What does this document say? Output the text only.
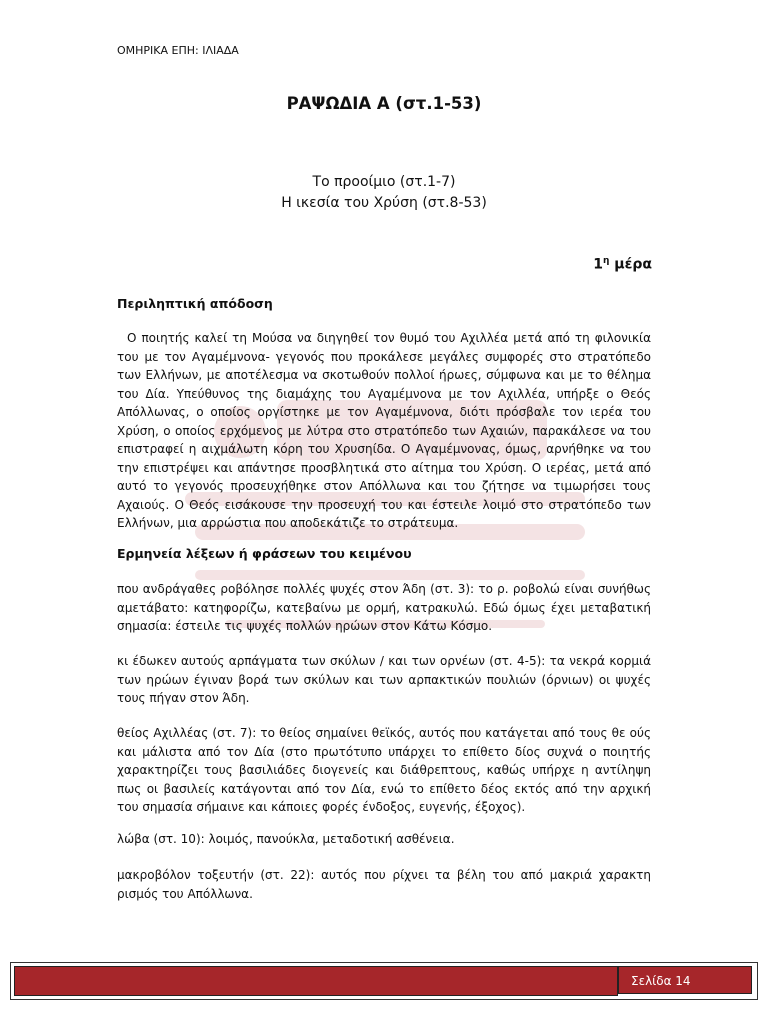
ΟΜΗΡΙΚΑ ΕΠΗ: ΙΛΙΑΔΑ
ΡΑΨΩΔΙΑ Α (στ.1-53)
Το προοίμιο (στ.1-7)
Η ικεσία του Χρύση (στ.8-53)
$1^\eta$ μέρα
Περιληπτική απόδοση
Ο ποιητής καλεί τη Μούσα να διηγηθεί τον θυμό του Αχιλλέα μετά από τη φιλονικία του με τον Αγαμέμνονα- γεγονός που προκάλεσε μεγάλες συμφορές στο στρατόπεδο των Ελλήνων, με αποτέλεσμα να σκοτωθούν πολλοί ήρωες, σύμφωνα και με το θέλημα του Δία. Υπεύθυνος της διαμάχης του Αγαμέμνονα με τον Αχιλλέα, υπήρξε ο Θεός Απόλλωνας, ο οποίος οργίστηκε με τον Αγαμέμνονα, διότι πρόσβαλε τον ιερέα του Χρύση, ο οποίος ερχόμενος με λύτρα στο στρατόπεδο των Αχαιών, παρακάλεσε να του επιστραφεί η αιχμάλωτη κόρη του Χρυσηίδα. Ο Αγαμέμνονας, όμως, αρνήθηκε να του την επιστρέψει και απάντησε προσβλητικά στο αίτημα του Χρύση. Ο ιερέας, μετά από αυτό το γεγονός προσευχήθηκε στον Απόλλωνα και του ζήτησε να τιμωρήσει τους Αχαιούς. Ο Θεός εισάκουσε την προσευχή του και έστειλε λοιμό στο στρατόπεδο των Ελλήνων, μια αρρώστια που αποδεκάτιζε το στράτευμα.
Ερμηνεία λέξεων ή φράσεων του κειμένου
που ανδράγαθες ροβόλησε πολλές ψυχές στον Άδη (στ. 3): το ρ. ροβολώ είναι συνήθως αμετάβατο: κατηφορίζω, κατεβαίνω με ορμή, κατρακυλώ. Εδώ όμως έχει μεταβατική σημασία: έστειλε τις ψυχές πολλών ηρώων στον Κάτω Κόσμο.
κι έδωκεν αυτούς αρπάγματα των σκύλων / και των ορνέων (στ. 4-5): τα νεκρά κορμιά των ηρώων έγιναν βορά των σκύλων και των αρπακτικών πουλιών (όρνιων) οι ψυχές τους πήγαν στον Άδη.
θείος Αχιλλέας (στ. 7): το θείος σημαίνει θεϊκός, αυτός που κατάγεται από τους θε ούς και μάλιστα από τον Δία (στο πρωτότυπο υπάρχει το επίθετο δίος συχνά ο ποιητής χαρακτηρίζει τους βασιλιάδες διογενείς και διάθρεπτους, καθώς υπήρχε η αντίληψη πως οι βασιλείς κατάγονται από τον Δία, ενώ το επίθετο δέος εκτός από την αρχική του σημασία σήμαινε και κάποιες φορές ένδοξος, ευγενής, έξοχος).
λώβα (στ. 10): λοιμός, πανούκλα, μεταδοτική ασθένεια.
μακροβόλον τοξευτήν (στ. 22): αυτός που ρίχνει τα βέλη του από μακριά χαρακτη ρισμός του Απόλλωνα.
Σελίδα 14
